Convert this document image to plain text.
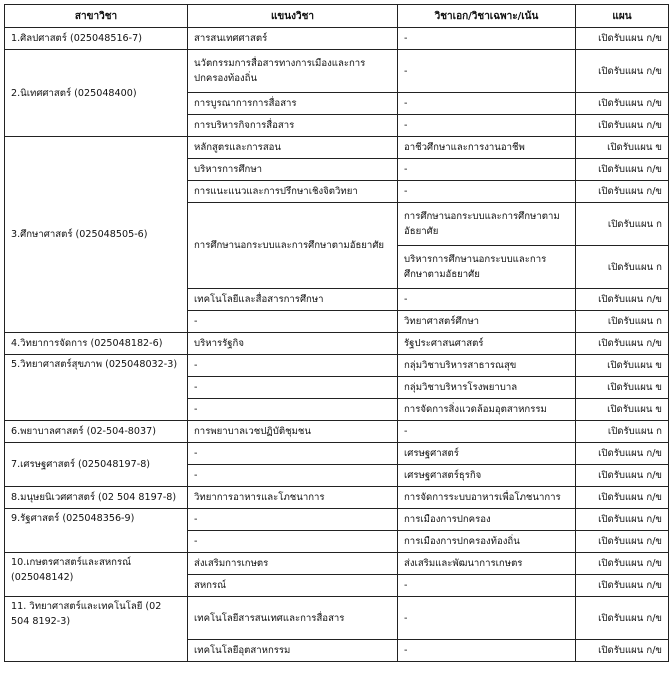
สาขาวิชา	แขนงวิชา	วิชาเอก/วิชาเฉพาะ/เน้น	แผน
1.ศิลปศาสตร์ (025048516-7)	สารสนเทศศาสตร์	-	เปิดรับแผน ก/ข
2.นิเทศศาสตร์ (025048400)	นวัตกรรมการสื่อสารทางการเมืองและการปกครองท้องถิ่น	-	เปิดรับแผน ก/ข
	การบูรณาการการสื่อสาร	-	เปิดรับแผน ก/ข
	การบริหารกิจการสื่อสาร	-	เปิดรับแผน ก/ข
3.ศึกษาศาสตร์ (025048505-6)	หลักสูตรและการสอน	อาชีวศึกษาและการงานอาชีพ	เปิดรับแผน ข
	บริหารการศึกษา	-	เปิดรับแผน ก/ข
	การแนะแนวและการปรึกษาเชิงจิตวิทยา	-	เปิดรับแผน ก/ข
	การศึกษานอกระบบและการศึกษาตามอัธยาศัย	การศึกษานอกระบบและการศึกษาตามอัธยาศัย	เปิดรับแผน ก
		บริหารการศึกษานอกระบบและการศึกษาตามอัธยาศัย	เปิดรับแผน ก
	เทคโนโลยีและสื่อสารการศึกษา	-	เปิดรับแผน ก/ข
	-	วิทยาศาสตร์ศึกษา	เปิดรับแผน ก
4.วิทยาการจัดการ (025048182-6)	บริหารรัฐกิจ	รัฐประศาสนศาสตร์	เปิดรับแผน ก/ข
5.วิทยาศาสตร์สุขภาพ (025048032-3)	-	กลุ่มวิชาบริหารสาธารณสุข	เปิดรับแผน ข
	-	กลุ่มวิชาบริหารโรงพยาบาล	เปิดรับแผน ข
	-	การจัดการสิ่งแวดล้อมอุตสาหกรรม	เปิดรับแผน ข
6.พยาบาลศาสตร์ (02-504-8037)	การพยาบาลเวชปฏิบัติชุมชน	-	เปิดรับแผน ก
7.เศรษฐศาสตร์ (025048197-8)	-	เศรษฐศาสตร์	เปิดรับแผน ก/ข
	-	เศรษฐศาสตร์ธุรกิจ	เปิดรับแผน ก/ข
8.มนุษยนิเวศศาสตร์ (02 504 8197-8)	วิทยาการอาหารและโภชนาการ	การจัดการระบบอาหารเพื่อโภชนาการ	เปิดรับแผน ก/ข
9.รัฐศาสตร์ (025048356-9)	-	การเมืองการปกครอง	เปิดรับแผน ก/ข
	-	การเมืองการปกครองท้องถิ่น	เปิดรับแผน ก/ข
10.เกษตรศาสตร์และสหกรณ์ (025048142)	ส่งเสริมการเกษตร	ส่งเสริมและพัฒนาการเกษตร	เปิดรับแผน ก/ข
	สหกรณ์	-	เปิดรับแผน ก/ข
11. วิทยาศาสตร์และเทคโนโลยี (02 504 8192-3)	เทคโนโลยีสารสนเทศและการสื่อสาร	-	เปิดรับแผน ก/ข
	เทคโนโลยีอุตสาหกรรม	-	เปิดรับแผน ก/ข
